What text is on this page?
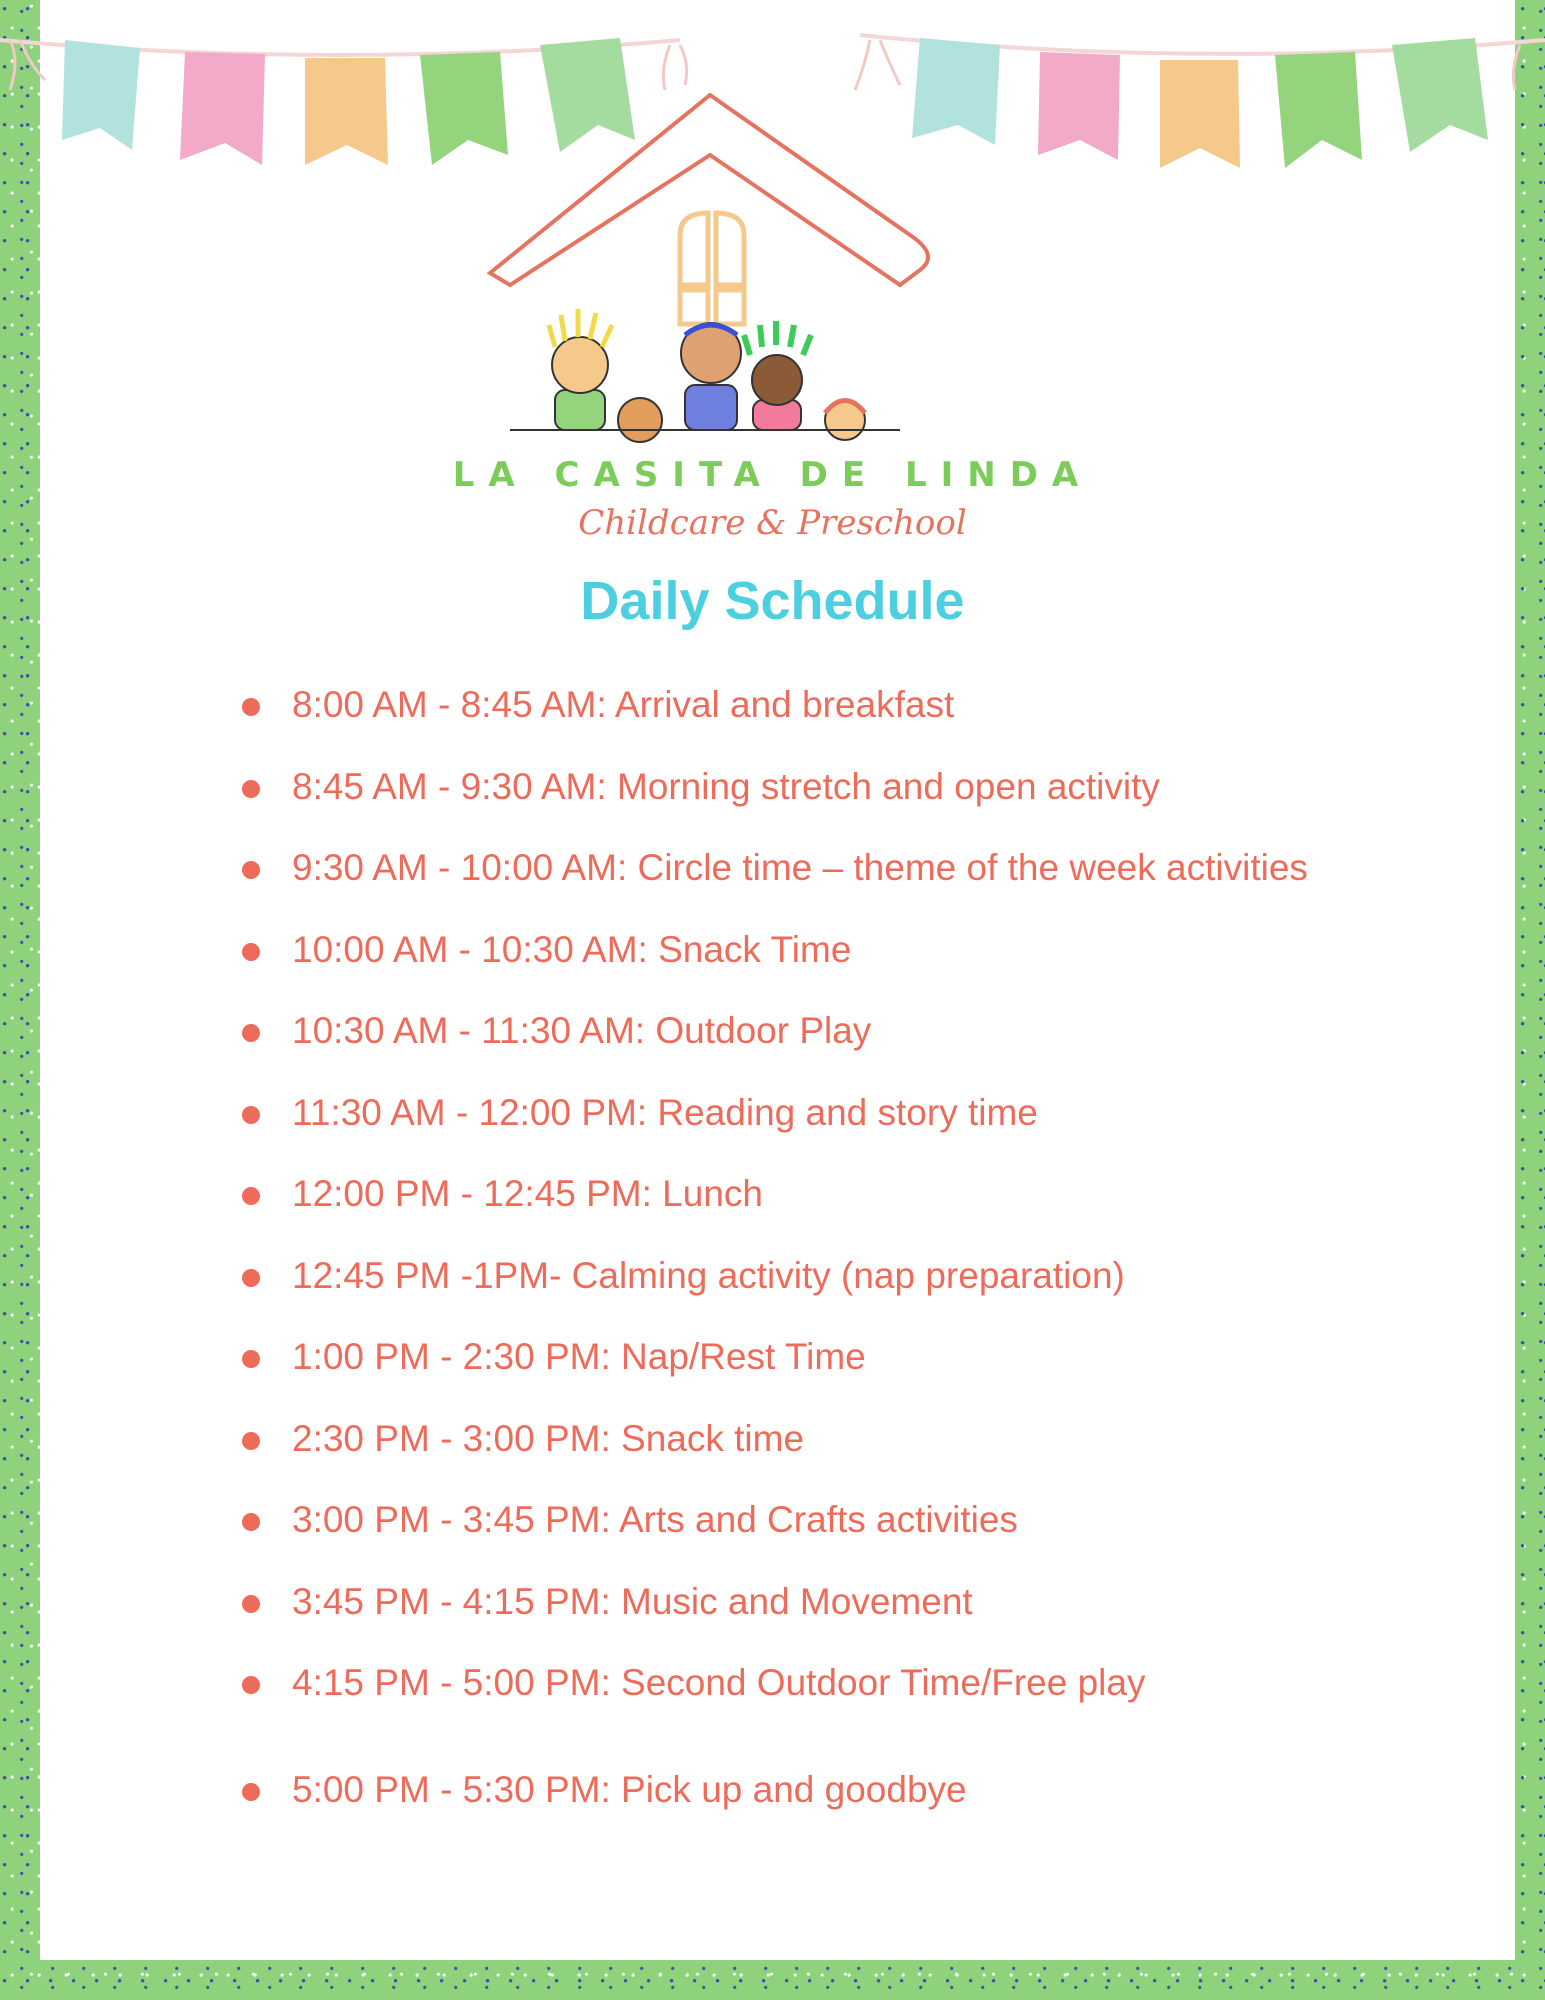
LA CASITA DE LINDA
Childcare & Preschool
Daily Schedule
8:00 AM - 8:45 AM: Arrival and breakfast
8:45 AM - 9:30 AM: Morning stretch and open activity
9:30 AM - 10:00 AM: Circle time – theme of the week activities
10:00 AM - 10:30 AM: Snack Time
10:30 AM - 11:30 AM: Outdoor Play
11:30 AM - 12:00 PM: Reading and story time
12:00 PM - 12:45 PM: Lunch
12:45 PM -1PM- Calming activity (nap preparation)
1:00 PM - 2:30 PM: Nap/Rest Time
2:30 PM - 3:00 PM: Snack time
3:00 PM - 3:45 PM: Arts and Crafts activities
3:45 PM - 4:15 PM: Music and Movement
4:15 PM - 5:00 PM: Second Outdoor Time/Free play
5:00 PM - 5:30 PM: Pick up and goodbye
